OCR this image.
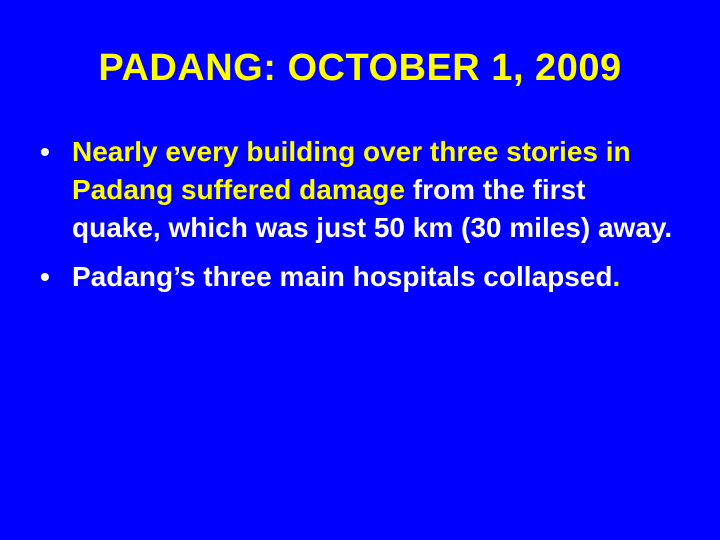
PADANG: OCTOBER 1, 2009
• Nearly every building over three stories in Padang suffered damage from the first quake, which was just 50 km (30 miles) away.
• Padang’s three main hospitals collapsed.
